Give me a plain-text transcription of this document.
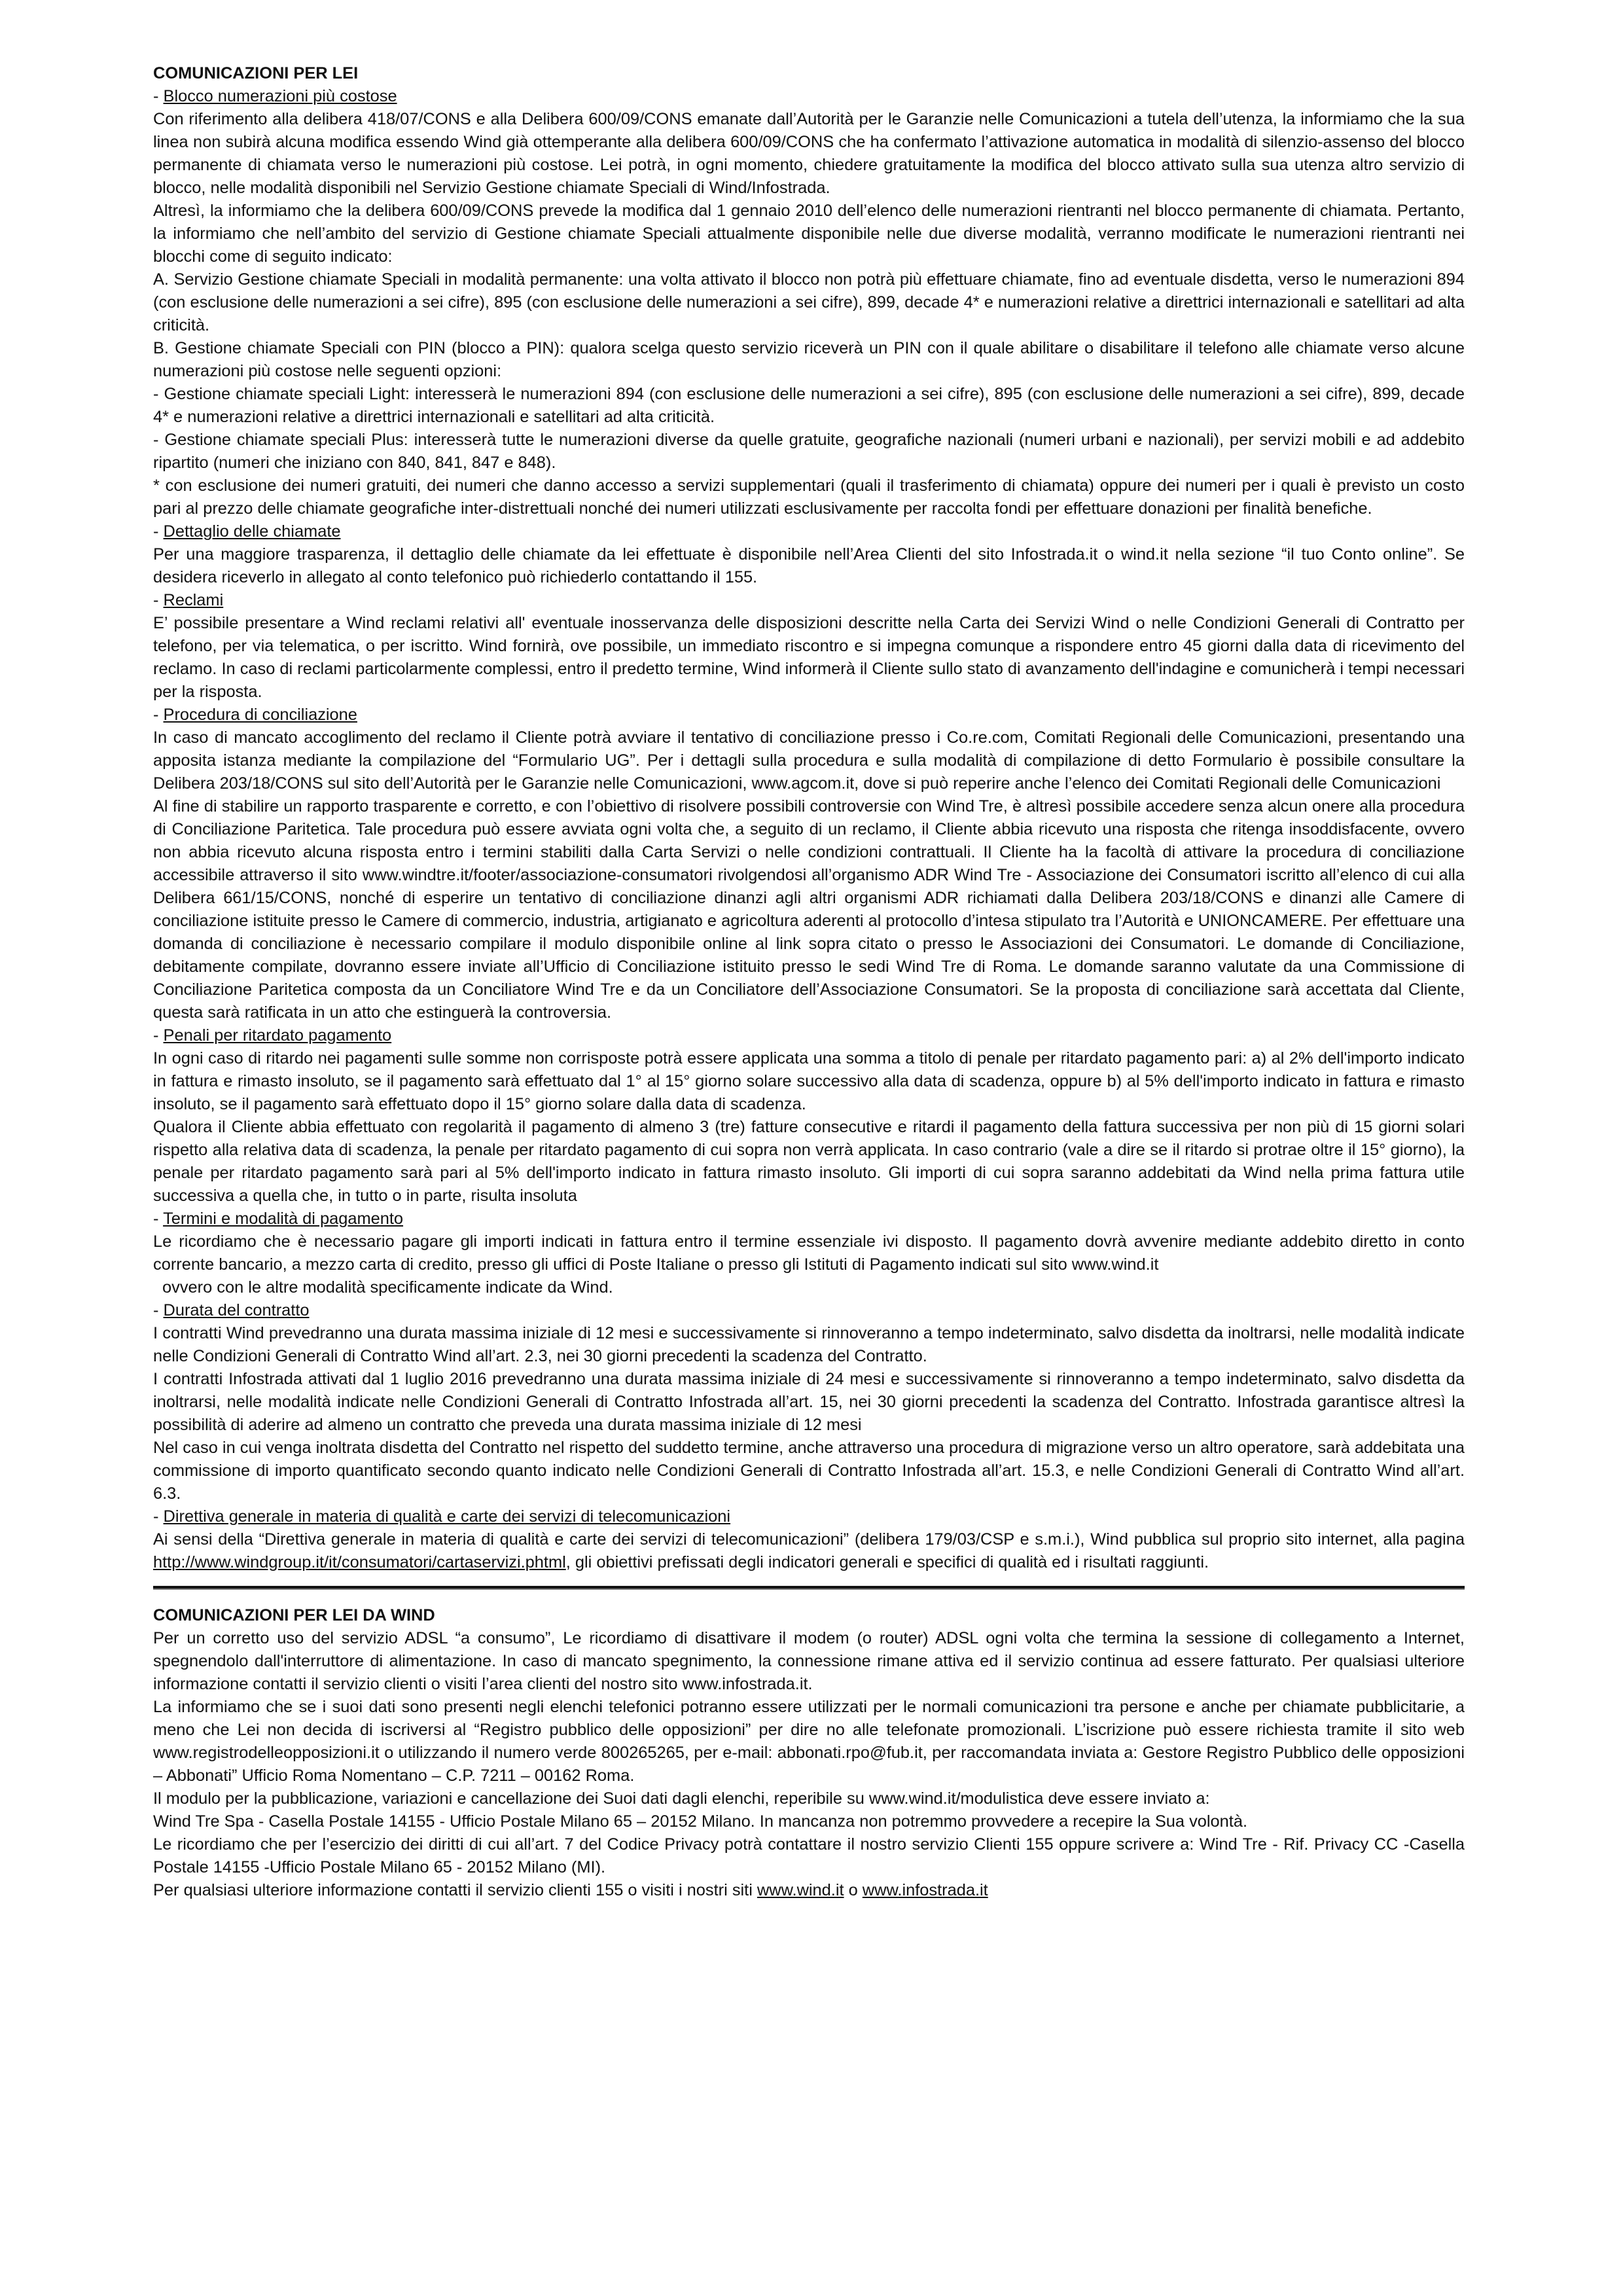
COMUNICAZIONI PER LEI
- Blocco numerazioni più costose
Con riferimento alla delibera 418/07/CONS e alla Delibera 600/09/CONS emanate dall’Autorità per le Garanzie nelle Comunicazioni a tutela dell’utenza, la informiamo che la sua linea non subirà alcuna modifica essendo Wind già ottemperante alla delibera 600/09/CONS che ha confermato l’attivazione automatica in modalità di silenzio-assenso del blocco permanente di chiamata verso le numerazioni più costose. Lei potrà, in ogni momento, chiedere gratuitamente la modifica del blocco attivato sulla sua utenza altro servizio di blocco, nelle modalità disponibili nel Servizio Gestione chiamate Speciali di Wind/Infostrada.
Altresì, la informiamo che la delibera 600/09/CONS prevede la modifica dal 1 gennaio 2010 dell’elenco delle numerazioni rientranti nel blocco permanente di chiamata. Pertanto, la informiamo che nell’ambito del servizio di Gestione chiamate Speciali attualmente disponibile nelle due diverse modalità, verranno modificate le numerazioni rientranti nei blocchi come di seguito indicato:
A. Servizio Gestione chiamate Speciali in modalità permanente: una volta attivato il blocco non potrà più effettuare chiamate, fino ad eventuale disdetta, verso le numerazioni 894 (con esclusione delle numerazioni a sei cifre), 895 (con esclusione delle numerazioni a sei cifre), 899, decade 4* e numerazioni relative a direttrici internazionali e satellitari ad alta criticità.
B. Gestione chiamate Speciali con PIN (blocco a PIN): qualora scelga questo servizio riceverà un PIN con il quale abilitare o disabilitare il telefono alle chiamate verso alcune numerazioni più costose nelle seguenti opzioni:
- Gestione chiamate speciali Light: interesserà le numerazioni 894 (con esclusione delle numerazioni a sei cifre), 895 (con esclusione delle numerazioni a sei cifre), 899, decade 4* e numerazioni relative a direttrici internazionali e satellitari ad alta criticità.
- Gestione chiamate speciali Plus: interesserà tutte le numerazioni diverse da quelle gratuite, geografiche nazionali (numeri urbani e nazionali), per servizi mobili e ad addebito ripartito (numeri che iniziano con 840, 841, 847 e 848).
* con esclusione dei numeri gratuiti, dei numeri che danno accesso a servizi supplementari (quali il trasferimento di chiamata) oppure dei numeri per i quali è previsto un costo pari al prezzo delle chiamate geografiche inter-distrettuali nonché dei numeri utilizzati esclusivamente per raccolta fondi per effettuare donazioni per finalità benefiche.
- Dettaglio delle chiamate
Per una maggiore trasparenza, il dettaglio delle chiamate da lei effettuate è disponibile nell’Area Clienti del sito Infostrada.it o wind.it nella sezione “il tuo Conto online”. Se desidera riceverlo in allegato al conto telefonico può richiederlo contattando il 155.
- Reclami
E’ possibile presentare a Wind reclami relativi all' eventuale inosservanza delle disposizioni descritte nella Carta dei Servizi Wind o nelle Condizioni Generali di Contratto per telefono, per via telematica, o per iscritto. Wind fornirà, ove possibile, un immediato riscontro e si impegna comunque a rispondere entro 45 giorni dalla data di ricevimento del reclamo. In caso di reclami particolarmente complessi, entro il predetto termine, Wind informerà il Cliente sullo stato di avanzamento dell'indagine e comunicherà i tempi necessari per la risposta.
- Procedura di conciliazione
In caso di mancato accoglimento del reclamo il Cliente potrà avviare il tentativo di conciliazione presso i Co.re.com, Comitati Regionali delle Comunicazioni, presentando una apposita istanza mediante la compilazione del “Formulario UG”. Per i dettagli sulla procedura e sulla modalità di compilazione di detto Formulario è possibile consultare la Delibera 203/18/CONS sul sito dell’Autorità per le Garanzie nelle Comunicazioni, www.agcom.it, dove si può reperire anche l’elenco dei Comitati Regionali delle Comunicazioni
Al fine di stabilire un rapporto trasparente e corretto, e con l’obiettivo di risolvere possibili controversie con Wind Tre, è altresì possibile accedere senza alcun onere alla procedura di Conciliazione Paritetica. Tale procedura può essere avviata ogni volta che, a seguito di un reclamo, il Cliente abbia ricevuto una risposta che ritenga insoddisfacente, ovvero non abbia ricevuto alcuna risposta entro i termini stabiliti dalla Carta Servizi o nelle condizioni contrattuali. Il Cliente ha la facoltà di attivare la procedura di conciliazione accessibile attraverso il sito www.windtre.it/footer/associazione-consumatori rivolgendosi all’organismo ADR Wind Tre - Associazione dei Consumatori iscritto all’elenco di cui alla Delibera 661/15/CONS, nonché di esperire un tentativo di conciliazione dinanzi agli altri organismi ADR richiamati dalla Delibera 203/18/CONS e dinanzi alle Camere di conciliazione istituite presso le Camere di commercio, industria, artigianato e agricoltura aderenti al protocollo d’intesa stipulato tra l’Autorità e UNIONCAMERE. Per effettuare una domanda di conciliazione è necessario compilare il modulo disponibile online al link sopra citato o presso le Associazioni dei Consumatori. Le domande di Conciliazione, debitamente compilate, dovranno essere inviate all’Ufficio di Conciliazione istituito presso le sedi Wind Tre di Roma. Le domande saranno valutate da una Commissione di Conciliazione Paritetica composta da un Conciliatore Wind Tre e da un Conciliatore dell’Associazione Consumatori. Se la proposta di conciliazione sarà accettata dal Cliente, questa sarà ratificata in un atto che estinguerà la controversia.
- Penali per ritardato pagamento
In ogni caso di ritardo nei pagamenti sulle somme non corrisposte potrà essere applicata una somma a titolo di penale per ritardato pagamento pari: a) al 2% dell'importo indicato in fattura e rimasto insoluto, se il pagamento sarà effettuato dal 1° al 15° giorno solare successivo alla data di scadenza, oppure b) al 5% dell'importo indicato in fattura e rimasto insoluto, se il pagamento sarà effettuato dopo il 15° giorno solare dalla data di scadenza.
Qualora il Cliente abbia effettuato con regolarità il pagamento di almeno 3 (tre) fatture consecutive e ritardi il pagamento della fattura successiva per non più di 15 giorni solari rispetto alla relativa data di scadenza, la penale per ritardato pagamento di cui sopra non verrà applicata. In caso contrario (vale a dire se il ritardo si protrae oltre il 15° giorno), la penale per ritardato pagamento sarà pari al 5% dell'importo indicato in fattura rimasto insoluto. Gli importi di cui sopra saranno addebitati da Wind nella prima fattura utile successiva a quella che, in tutto o in parte, risulta insoluta
- Termini e modalità di pagamento
Le ricordiamo che è necessario pagare gli importi indicati in fattura entro il termine essenziale ivi disposto. Il pagamento dovrà avvenire mediante addebito diretto in conto corrente bancario, a mezzo carta di credito, presso gli uffici di Poste Italiane o presso gli Istituti di Pagamento indicati sul sito www.wind.it
ovvero con le altre modalità specificamente indicate da Wind.
- Durata del contratto
I contratti Wind prevedranno una durata massima iniziale di 12 mesi e successivamente si rinnoveranno a tempo indeterminato, salvo disdetta da inoltrarsi, nelle modalità indicate nelle Condizioni Generali di Contratto Wind all’art. 2.3, nei 30 giorni precedenti la scadenza del Contratto.
I contratti Infostrada attivati dal 1 luglio 2016 prevedranno una durata massima iniziale di 24 mesi e successivamente si rinnoveranno a tempo indeterminato, salvo disdetta da inoltrarsi, nelle modalità indicate nelle Condizioni Generali di Contratto Infostrada all’art. 15, nei 30 giorni precedenti la scadenza del Contratto. Infostrada garantisce altresì la possibilità di aderire ad almeno un contratto che preveda una durata massima iniziale di 12 mesi
Nel caso in cui venga inoltrata disdetta del Contratto nel rispetto del suddetto termine, anche attraverso una procedura di migrazione verso un altro operatore, sarà addebitata una commissione di importo quantificato secondo quanto indicato nelle Condizioni Generali di Contratto Infostrada all’art. 15.3, e nelle Condizioni Generali di Contratto Wind all’art. 6.3.
- Direttiva generale in materia di qualità e carte dei servizi di telecomunicazioni
Ai sensi della “Direttiva generale in materia di qualità e carte dei servizi di telecomunicazioni” (delibera 179/03/CSP e s.m.i.), Wind pubblica sul proprio sito internet, alla pagina http://www.windgroup.it/it/consumatori/cartaservizi.phtml, gli obiettivi prefissati degli indicatori generali e specifici di qualità ed i risultati raggiunti.
COMUNICAZIONI PER LEI DA WIND
Per un corretto uso del servizio ADSL “a consumo”, Le ricordiamo di disattivare il modem (o router) ADSL ogni volta che termina la sessione di collegamento a Internet, spegnendolo dall'interruttore di alimentazione. In caso di mancato spegnimento, la connessione rimane attiva ed il servizio continua ad essere fatturato. Per qualsiasi ulteriore informazione contatti il servizio clienti o visiti l’area clienti del nostro sito www.infostrada.it.
La informiamo che se i suoi dati sono presenti negli elenchi telefonici potranno essere utilizzati per le normali comunicazioni tra persone e anche per chiamate pubblicitarie, a meno che Lei non decida di iscriversi al “Registro pubblico delle opposizioni” per dire no alle telefonate promozionali. L’iscrizione può essere richiesta tramite il sito web www.registrodelleopposizioni.it o utilizzando il numero verde 800265265, per e-mail: abbonati.rpo@fub.it, per raccomandata inviata a: Gestore Registro Pubblico delle opposizioni – Abbonati” Ufficio Roma Nomentano – C.P. 7211 – 00162 Roma.
Il modulo per la pubblicazione, variazioni e cancellazione dei Suoi dati dagli elenchi, reperibile su www.wind.it/modulistica deve essere inviato a:
Wind Tre Spa - Casella Postale 14155 - Ufficio Postale Milano 65 – 20152 Milano. In mancanza non potremmo provvedere a recepire la Sua volontà.
Le ricordiamo che per l’esercizio dei diritti di cui all’art. 7 del Codice Privacy potrà contattare il nostro servizio Clienti 155 oppure scrivere a: Wind Tre - Rif. Privacy CC -Casella Postale 14155 -Ufficio Postale Milano 65 - 20152 Milano (MI).
Per qualsiasi ulteriore informazione contatti il servizio clienti 155 o visiti i nostri siti www.wind.it o www.infostrada.it
